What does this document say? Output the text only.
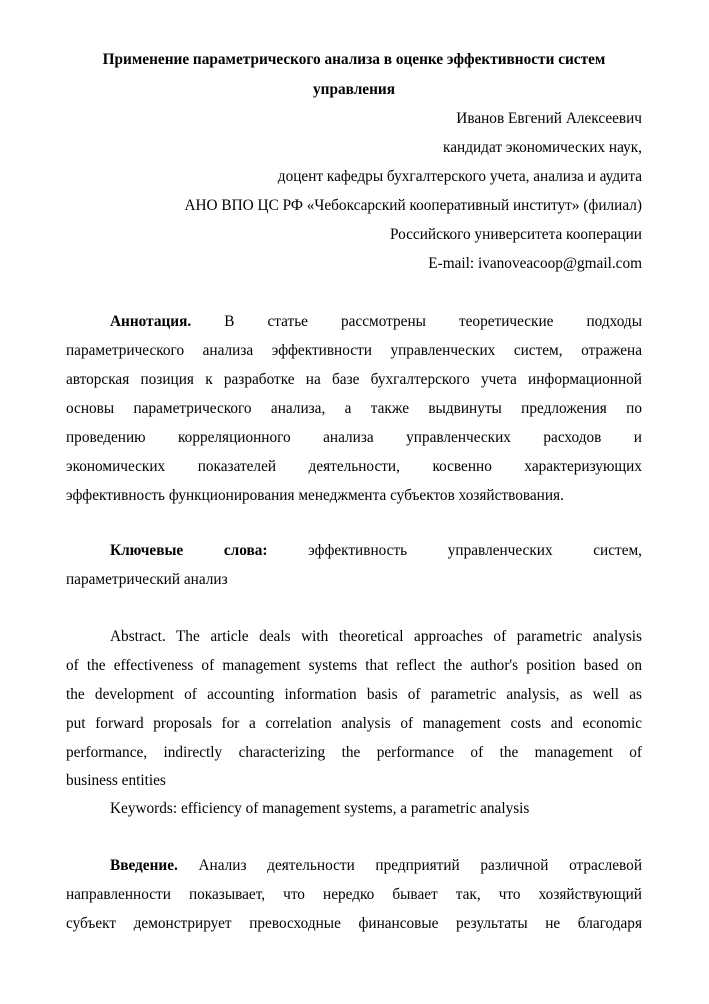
Применение параметрического анализа в оценке эффективности систем
управления
Иванов Евгений Алексеевич
кандидат экономических наук,
доцент кафедры бухгалтерского учета, анализа и аудита
АНО ВПО ЦС РФ «Чебоксарский кооперативный институт» (филиал)
Российского университета кооперации
E-mail: ivanoveacoop@gmail.com
Аннотация. В статье рассмотрены теоретические подходы
параметрического анализа эффективности управленческих систем, отражена
авторская позиция к разработке на базе бухгалтерского учета информационной
основы параметрического анализа, а также выдвинуты предложения по
проведению корреляционного анализа управленческих расходов и
экономических показателей деятельности, косвенно характеризующих
эффективность функционирования менеджмента субъектов хозяйствования.
Ключевые слова:	эффективность управленческих систем,
параметрический анализ
Abstract. The article deals with theoretical approaches of parametric analysis
of the effectiveness of management systems that reflect the author's position based on
the development of accounting information basis of parametric analysis, as well as
put forward proposals for a correlation analysis of management costs and economic
performance, indirectly characterizing the performance of the management of
business entities
Keywords: efficiency of management systems, a parametric analysis
Введение. Анализ деятельности предприятий различной отраслевой
направленности показывает, что нередко бывает так, что хозяйствующий
субъект демонстрирует превосходные финансовые результаты не благодаря
